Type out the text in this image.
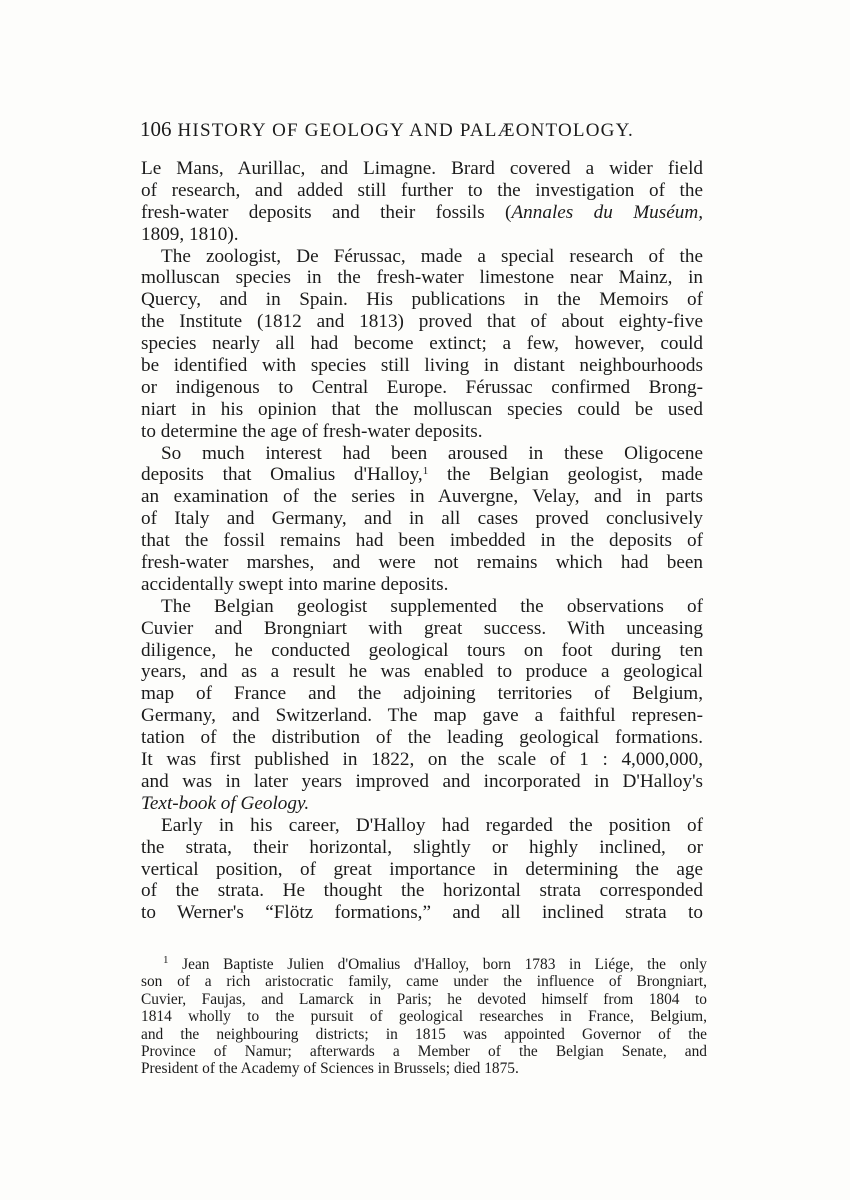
106 HISTORY OF GEOLOGY AND PALÆONTOLOGY.
Le Mans, Aurillac, and Limagne. Brard covered a wider field
of research, and added still further to the investigation of the
fresh-water deposits and their fossils (Annales du Muséum,
1809, 1810).
The zoologist, De Férussac, made a special research of the
molluscan species in the fresh-water limestone near Mainz, in
Quercy, and in Spain. His publications in the Memoirs of
the Institute (1812 and 1813) proved that of about eighty-five
species nearly all had become extinct; a few, however, could
be identified with species still living in distant neighbourhoods
or indigenous to Central Europe. Férussac confirmed Brong-
niart in his opinion that the molluscan species could be used
to determine the age of fresh-water deposits.
So much interest had been aroused in these Oligocene
deposits that Omalius d'Halloy,$^1$ the Belgian geologist, made
an examination of the series in Auvergne, Velay, and in parts
of Italy and Germany, and in all cases proved conclusively
that the fossil remains had been imbedded in the deposits of
fresh-water marshes, and were not remains which had been
accidentally swept into marine deposits.
The Belgian geologist supplemented the observations of
Cuvier and Brongniart with great success. With unceasing
diligence, he conducted geological tours on foot during ten
years, and as a result he was enabled to produce a geological
map of France and the adjoining territories of Belgium,
Germany, and Switzerland. The map gave a faithful represen-
tation of the distribution of the leading geological formations.
It was first published in 1822, on the scale of 1 : 4,000,000,
and was in later years improved and incorporated in D'Halloy's
Text-book of Geology.
Early in his career, D'Halloy had regarded the position of
the strata, their horizontal, slightly or highly inclined, or
vertical position, of great importance in determining the age
of the strata. He thought the horizontal strata corresponded
to Werner's “Flötz formations,” and all inclined strata to
$^1$ Jean Baptiste Julien d'Omalius d'Halloy, born 1783 in Liége, the only
son of a rich aristocratic family, came under the influence of Brongniart,
Cuvier, Faujas, and Lamarck in Paris; he devoted himself from 1804 to
1814 wholly to the pursuit of geological researches in France, Belgium,
and the neighbouring districts; in 1815 was appointed Governor of the
Province of Namur; afterwards a Member of the Belgian Senate, and
President of the Academy of Sciences in Brussels; died 1875.
